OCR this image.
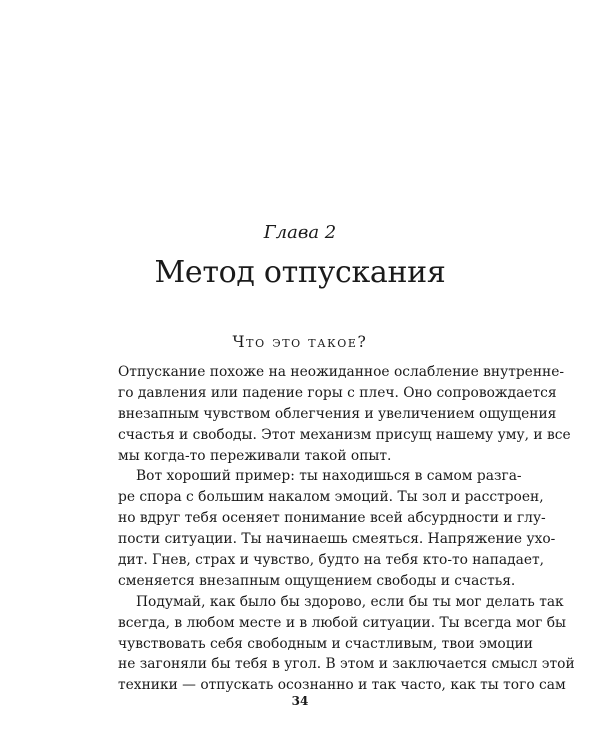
Глава 2
Метод отпускания
Что это такое?
Отпускание похоже на неожиданное ослабление внутренне-
го давления или падение горы с плеч. Оно сопровождается
внезапным чувством облегчения и увеличением ощущения
счастья и свободы. Этот механизм присущ нашему уму, и все
мы когда-то переживали такой опыт.
Вот хороший пример: ты находишься в самом разга-
ре спора с большим накалом эмоций. Ты зол и расстроен,
но вдруг тебя осеняет понимание всей абсурдности и глу-
пости ситуации. Ты начинаешь смеяться. Напряжение ухо-
дит. Гнев, страх и чувство, будто на тебя кто-то нападает,
сменяется внезапным ощущением свободы и счастья.
Подумай, как было бы здорово, если бы ты мог делать так
всегда, в любом месте и в любой ситуации. Ты всегда мог бы
чувствовать себя свободным и счастливым, твои эмоции
не загоняли бы тебя в угол. В этом и заключается смысл этой
техники — отпускать осознанно и так часто, как ты того сам
34
